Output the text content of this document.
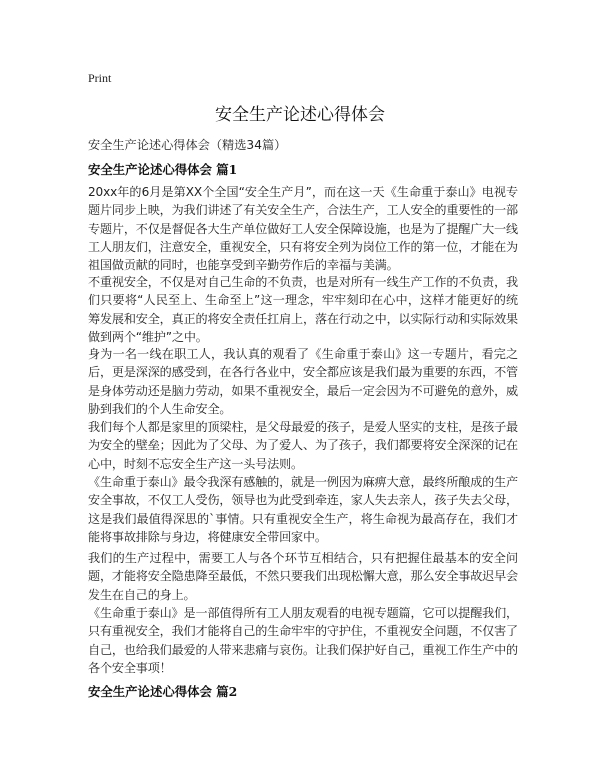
Print
安全生产论述心得体会
安全生产论述心得体会（精选34篇）
安全生产论述心得体会 篇1
20xx年的6月是第XX个全国“安全生产月”，而在这一天《生命重于泰山》电视专题片同步上映，为我们讲述了有关安全生产，合法生产，工人安全的重要性的一部专题片，不仅是督促各大生产单位做好工人安全保障设施，也是为了提醒广大一线工人朋友们，注意安全，重视安全，只有将安全列为岗位工作的第一位，才能在为祖国做贡献的同时，也能享受到辛勤劳作后的幸福与美满。
不重视安全，不仅是对自己生命的不负责，也是对所有一线生产工作的不负责，我们只要将“人民至上、生命至上”这一理念，牢牢刻印在心中，这样才能更好的统筹发展和安全，真正的将安全责任扛肩上，落在行动之中，以实际行动和实际效果做到两个“维护”之中。
身为一名一线在职工人，我认真的观看了《生命重于泰山》这一专题片，看完之后，更是深深的感受到，在各行各业中，安全都应该是我们最为重要的东西，不管是身体劳动还是脑力劳动，如果不重视安全，最后一定会因为不可避免的意外，威胁到我们的个人生命安全。
我们每个人都是家里的顶梁柱，是父母最爱的孩子，是爱人坚实的支柱，是孩子最为安全的壁垒；因此为了父母、为了爱人、为了孩子，我们都要将安全深深的记在心中，时刻不忘安全生产这一头号法则。
《生命重于泰山》最令我深有感触的，就是一例因为麻痹大意，最终所酿成的生产安全事故，不仅工人受伤，领导也为此受到牵连，家人失去亲人，孩子失去父母，这是我们最值得深思的`事情。只有重视安全生产，将生命视为最高存在，我们才能将事故排除与身边，将健康安全带回家中。
我们的生产过程中，需要工人与各个环节互相结合，只有把握住最基本的安全问题，才能将安全隐患降至最低，不然只要我们出现松懈大意，那么安全事故迟早会发生在自己的身上。
《生命重于泰山》是一部值得所有工人朋友观看的电视专题篇，它可以提醒我们，只有重视安全，我们才能将自己的生命牢牢的守护住，不重视安全问题，不仅害了自己，也给我们最爱的人带来悲痛与哀伤。让我们保护好自己，重视工作生产中的各个安全事项！
安全生产论述心得体会 篇2
